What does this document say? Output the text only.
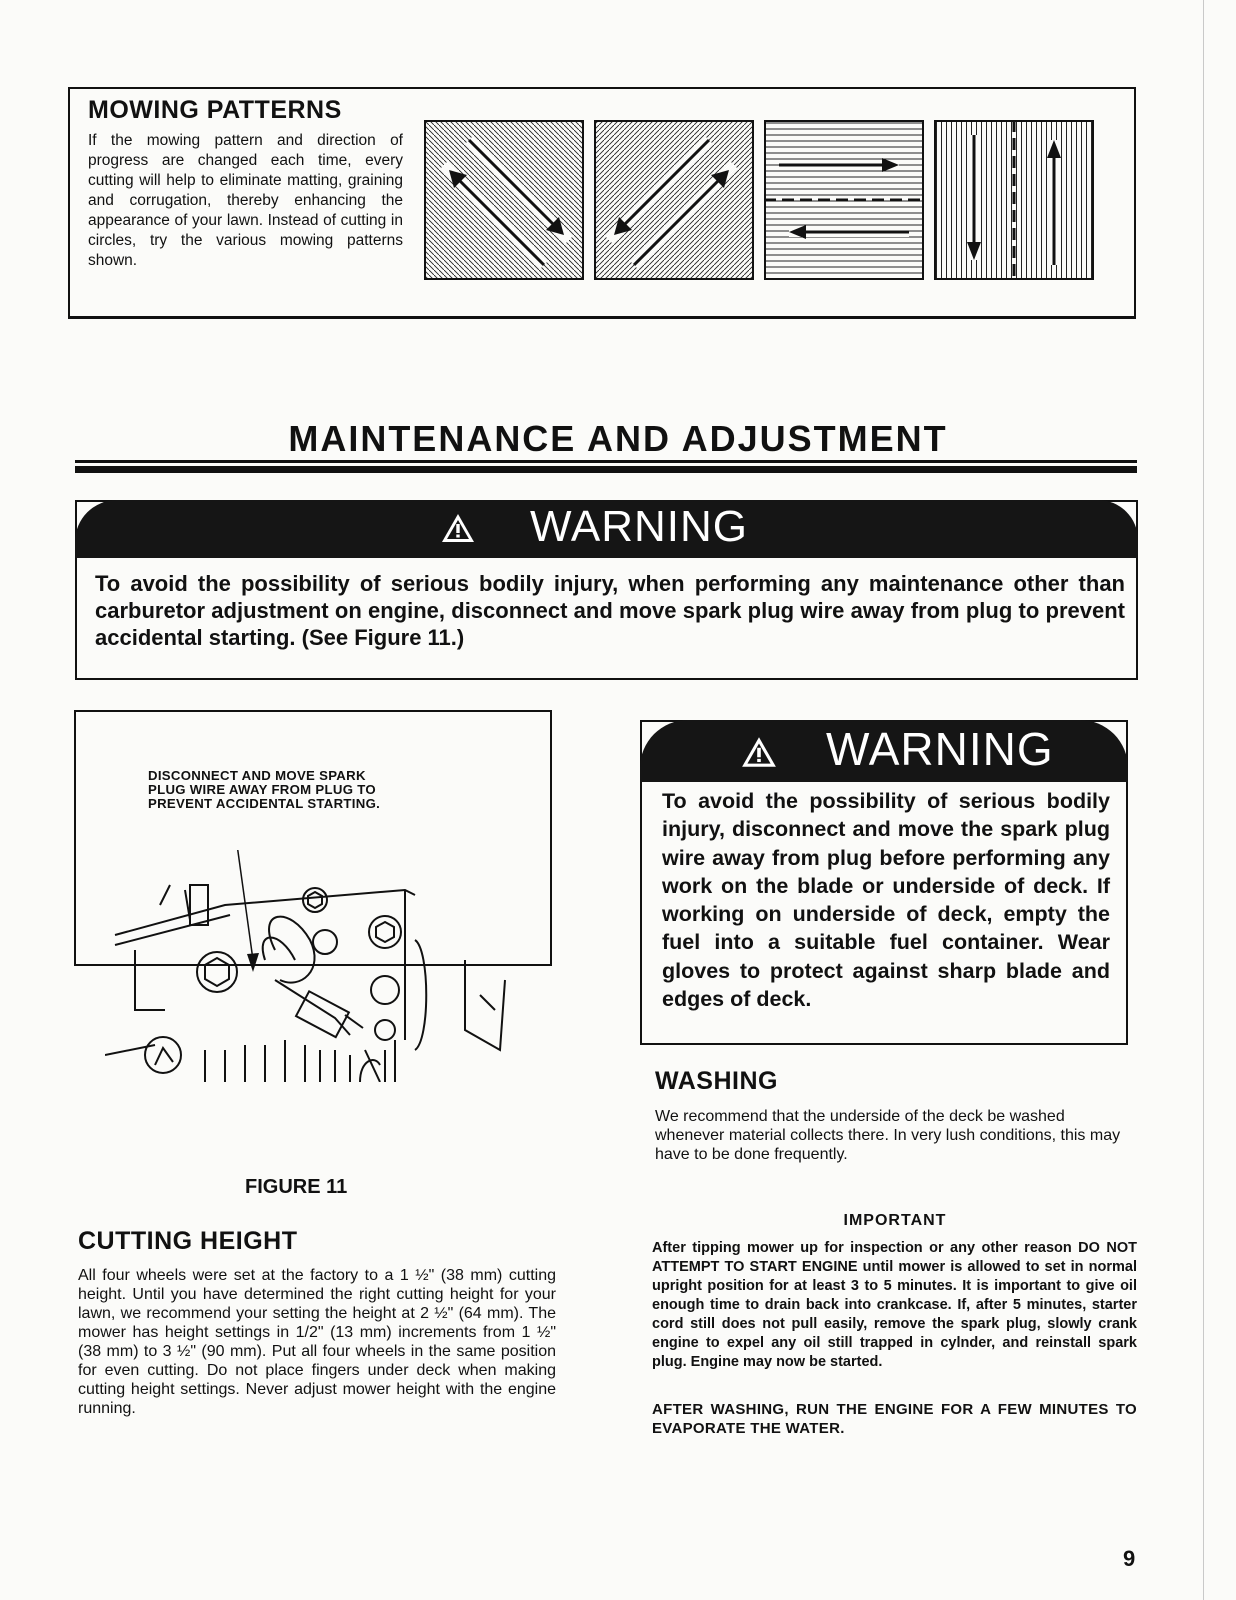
MOWING PATTERNS
If the mowing pattern and direction of progress are changed each time, every cutting will help to eliminate matting, graining and corrugation, thereby enhancing the appearance of your lawn. Instead of cutting in circles, try the various mowing patterns shown.
MAINTENANCE AND ADJUSTMENT
WARNING
To avoid the possibility of serious bodily injury, when performing any maintenance other than carburetor adjustment on engine, disconnect and move spark plug wire away from plug to prevent accidental starting. (See Figure 11.)
DISCONNECT AND MOVE SPARK PLUG WIRE AWAY FROM PLUG TO PREVENT ACCIDENTAL STARTING.
FIGURE 11
WARNING
To avoid the possibility of serious bodily injury, disconnect and move the spark plug wire away from plug before performing any work on the blade or underside of deck. If working on underside of deck, empty the fuel into a suitable fuel container. Wear gloves to protect against sharp blade and edges of deck.
CUTTING HEIGHT
All four wheels were set at the factory to a 1 ½" (38 mm) cutting height. Until you have determined the right cutting height for your lawn, we recommend your setting the height at 2 ½" (64 mm). The mower has height settings in 1/2" (13 mm) increments from 1 ½" (38 mm) to 3 ½" (90 mm). Put all four wheels in the same position for even cutting. Do not place fingers under deck when making cutting height settings. Never adjust mower height with the engine running.
WASHING
We recommend that the underside of the deck be washed whenever material collects there. In very lush conditions, this may have to be done frequently.
IMPORTANT
After tipping mower up for inspection or any other reason DO NOT ATTEMPT TO START ENGINE until mower is allowed to set in normal upright position for at least 3 to 5 minutes. It is important to give oil enough time to drain back into crankcase. If, after 5 minutes, starter cord still does not pull easily, remove the spark plug, slowly crank engine to expel any oil still trapped in cylnder, and reinstall spark plug. Engine may now be started.
AFTER WASHING, RUN THE ENGINE FOR A FEW MINUTES TO EVAPORATE THE WATER.
9
